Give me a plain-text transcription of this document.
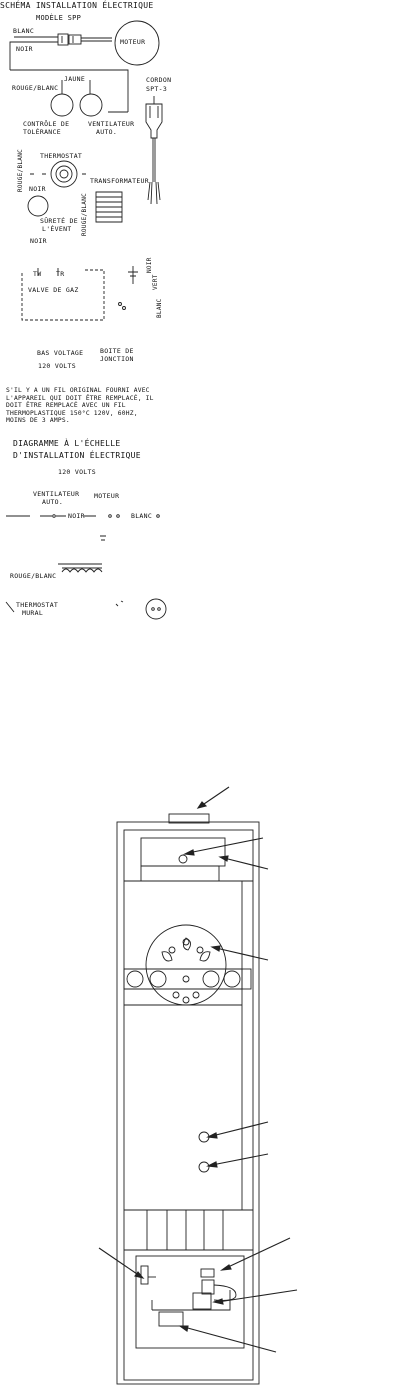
SCHÉMA INSTALLATION ÉLECTRIQUE
MODÈLE SPP
BLANC
NOIR
MOTEUR
JAUNE
ROUGE/BLANC
CORDON
SPT-3
CONTRÔLE DE
TOLÉRANCE
VENTILATEUR
AUTO.
ROUGE/BLANC THERMOSTAT
NOIR
TRANSFORMATEUR
SÛRETÉ DE
L'ÉVENT ROUGE/BLANC
NOIR
TW TR
VALVE DE GAZ
NOIR
VERT
BLANC
BAS VOLTAGE
120 VOLTS
BOITE DE
JONCTION
S'IL Y A UN FIL ORIGINAL FOURNI AVEC
L'APPAREIL QUI DOIT ÊTRE REMPLACÉ, IL
DOIT ÊTRE REMPLACÉ AVEC UN FIL
THERMOPLASTIQUE 150°C 120V, 60HZ,
MOINS DE 3 AMPS.
DIAGRAMME À L'ÉCHELLE
D'INSTALLATION ÉLECTRIQUE
120 VOLTS
VENTILATEUR
AUTO.
MOTEUR
NOIR	BLANC
ROUGE/BLANC
THERMOSTAT
MURAL
